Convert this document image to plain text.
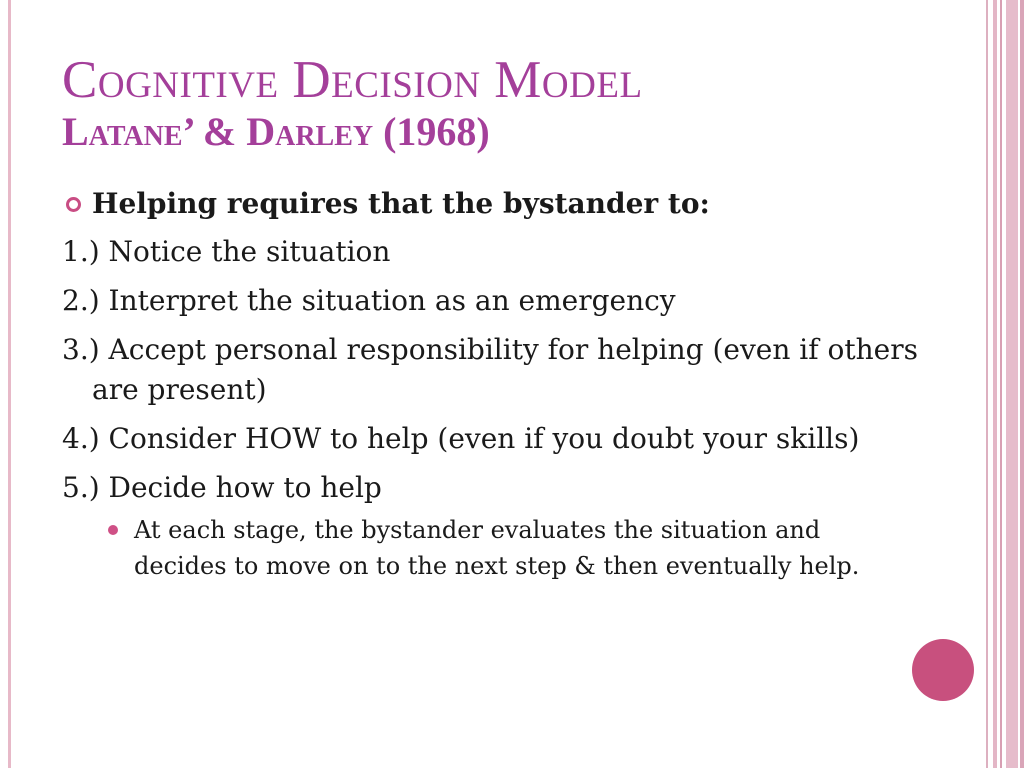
Cognitive Decision Model
Latane’ & Darley (1968)
Helping requires that the bystander to:
1.) Notice the situation
2.) Interpret the situation as an emergency
3.) Accept personal responsibility for helping (even if others are present)
4.) Consider HOW to help (even if you doubt your skills)
5.) Decide how to help
At each stage, the bystander evaluates the situation and decides to move on to the next step & then eventually help.
